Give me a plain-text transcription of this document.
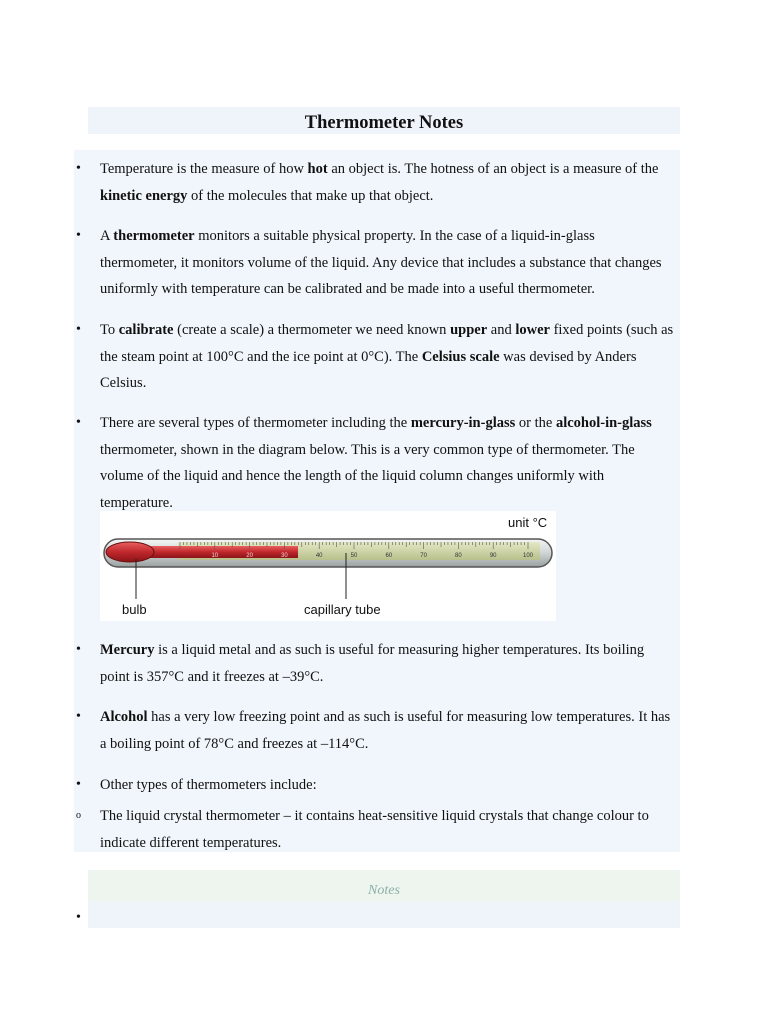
Thermometer Notes
•	Temperature is the measure of how hot an object is. The hotness of an object is a measure of the kinetic energy of the molecules that make up that object.
•	A thermometer monitors a suitable physical property. In the case of a liquid-in-glass thermometer, it monitors volume of the liquid. Any device that includes a substance that changes uniformly with temperature can be calibrated and be made into a useful thermometer.
•	To calibrate (create a scale) a thermometer we need known upper and lower fixed points (such as the steam point at 100°C and the ice point at 0°C). The Celsius scale was devised by Anders Celsius.
•	There are several types of thermometer including the mercury-in-glass or the alcohol-in-glass thermometer, shown in the diagram below. This is a very common type of thermometer. The volume of the liquid and hence the length of the liquid column changes uniformly with temperature.
•	Mercury is a liquid metal and as such is useful for measuring higher temperatures. Its boiling point is 357°C and it freezes at –39°C.
•	Alcohol has a very low freezing point and as such is useful for measuring low temperatures. It has a boiling point of 78°C and freezes at –114°C.
•	Other types of thermometers include:
o	The liquid crystal thermometer – it contains heat-sensitive liquid crystals that change colour to indicate different temperatures.
10	20	30	40	50	60	70	80	90	100
unit °C
bulb	capillary tube
Notes
•
